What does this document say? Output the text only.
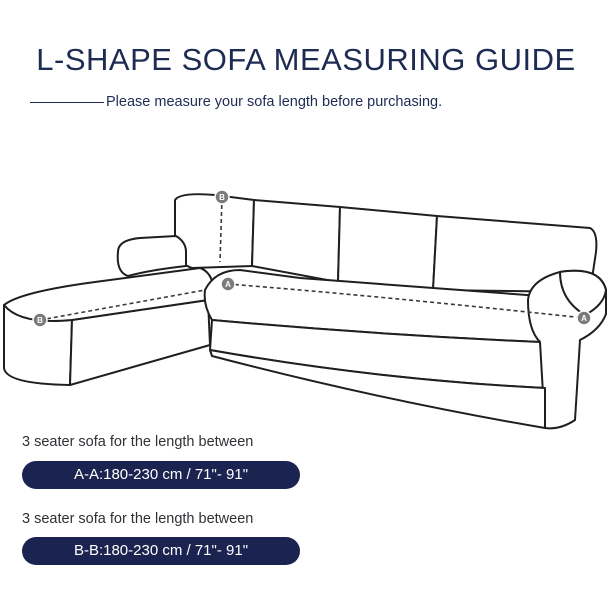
L-SHAPE SOFA MEASURING GUIDE
Please measure your sofa length before purchasing.
B
A
B	A
3 seater sofa for the length between
A-A:180-230 cm / 71"- 91"
3 seater sofa for the length between
B-B:180-230 cm / 71"- 91"
